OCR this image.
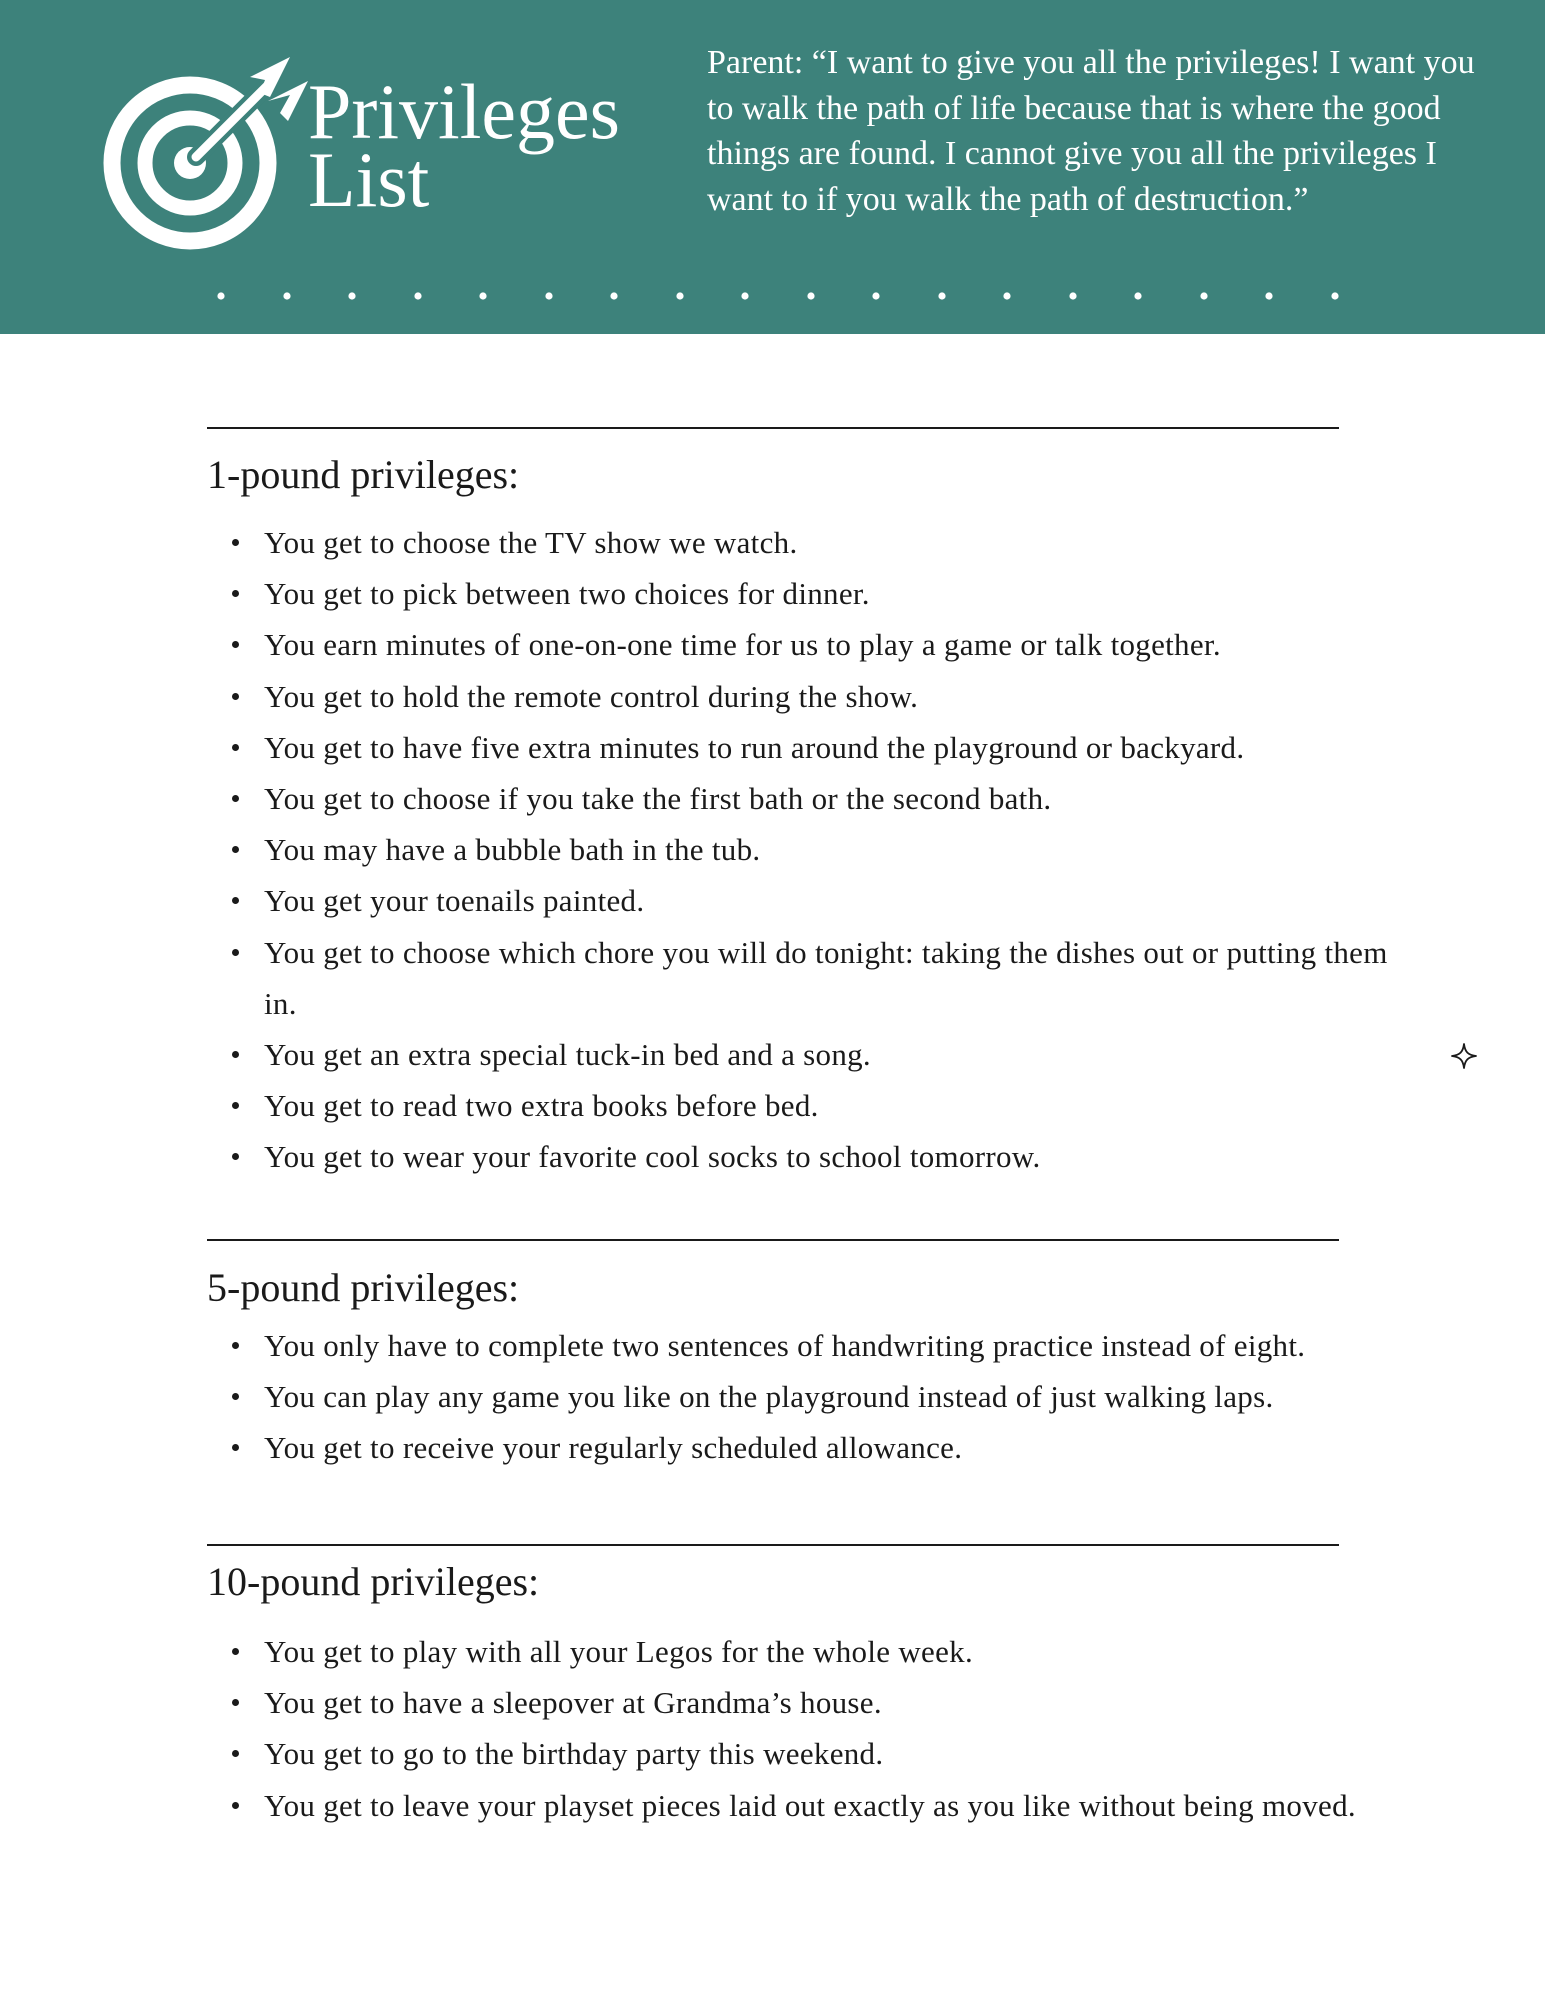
Privileges
List
Parent: “I want to give you all the privileges! I want you to walk the path of life because that is where the good things are found. I cannot give you all the privileges I want to if you walk the path of destruction.”
1-pound privileges:
You get to choose the TV show we watch.
You get to pick between two choices for dinner.
You earn minutes of one-on-one time for us to play a game or talk together.
You get to hold the remote control during the show.
You get to have five extra minutes to run around the playground or backyard.
You get to choose if you take the first bath or the second bath.
You may have a bubble bath in the tub.
You get your toenails painted.
You get to choose which chore you will do tonight: taking the dishes out or putting them in.
You get an extra special tuck-in bed and a song.
You get to read two extra books before bed.
You get to wear your favorite cool socks to school tomorrow.
5-pound privileges:
You only have to complete two sentences of handwriting practice instead of eight.
You can play any game you like on the playground instead of just walking laps.
You get to receive your regularly scheduled allowance.
10-pound privileges:
You get to play with all your Legos for the whole week.
You get to have a sleepover at Grandma’s house.
You get to go to the birthday party this weekend.
You get to leave your playset pieces laid out exactly as you like without being moved.
